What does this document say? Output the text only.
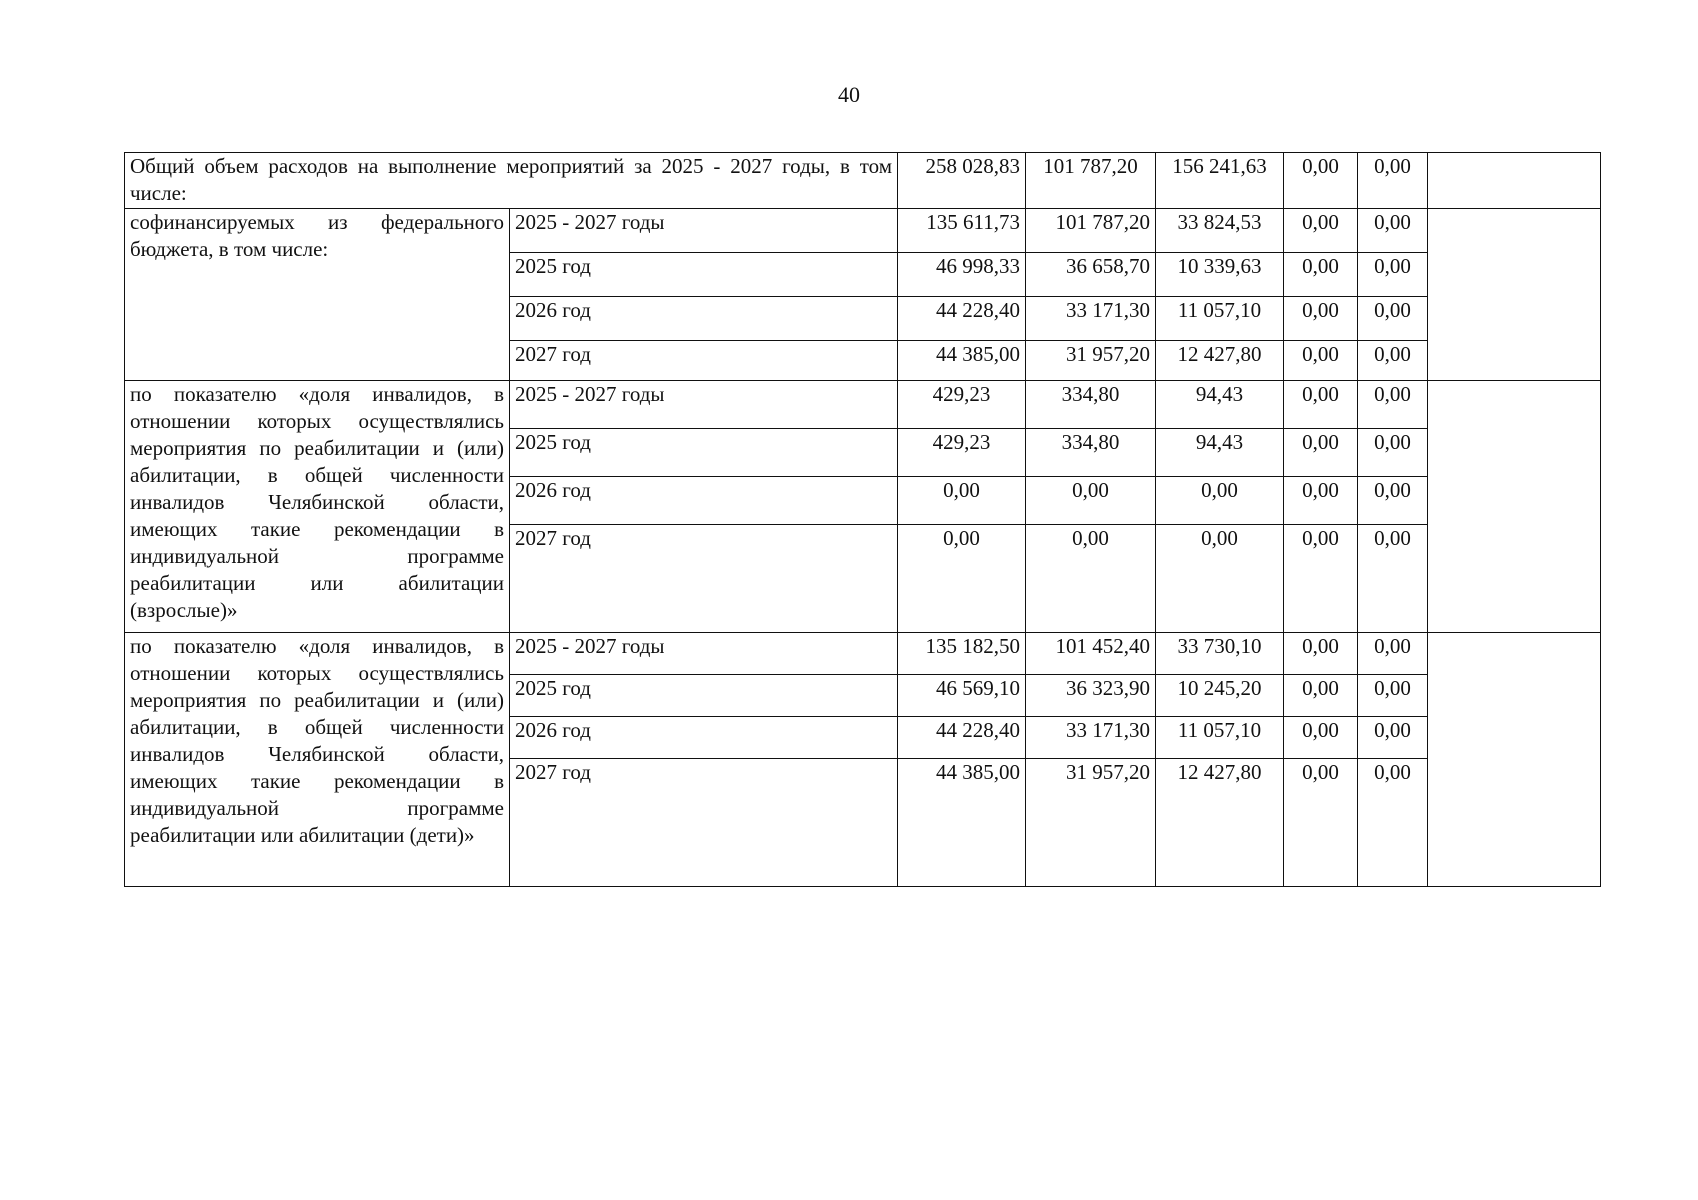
40
Общий объем расходов на выполнение мероприятий за 2025 - 2027 годы, в том числе:		258 028,83	101 787,20	156 241,63	0,00	0,00	
софинансируемых из федерального бюджета, в том числе:	2025 - 2027 годы	135 611,73	101 787,20	33 824,53	0,00	0,00	
	2025 год	46 998,33	36 658,70	10 339,63	0,00	0,00	
	2026 год	44 228,40	33 171,30	11 057,10	0,00	0,00	
	2027 год	44 385,00	31 957,20	12 427,80	0,00	0,00	
по показателю «доля инвалидов, в отношении которых осуществлялись мероприятия по реабилитации и (или) абилитации, в общей численности инвалидов Челябинской области, имеющих такие рекомендации в индивидуальной программе реабилитации или абилитации (взрослые)»	2025 - 2027 годы	429,23	334,80	94,43	0,00	0,00	
	2025 год	429,23	334,80	94,43	0,00	0,00	
	2026 год	0,00	0,00	0,00	0,00	0,00	
	2027 год	0,00	0,00	0,00	0,00	0,00	
по показателю «доля инвалидов, в отношении которых осуществлялись мероприятия по реабилитации и (или) абилитации, в общей численности инвалидов Челябинской области, имеющих такие рекомендации в индивидуальной программе реабилитации или абилитации (дети)»	2025 - 2027 годы	135 182,50	101 452,40	33 730,10	0,00	0,00	
	2025 год	46 569,10	36 323,90	10 245,20	0,00	0,00	
	2026 год	44 228,40	33 171,30	11 057,10	0,00	0,00	
	2027 год	44 385,00	31 957,20	12 427,80	0,00	0,00	
